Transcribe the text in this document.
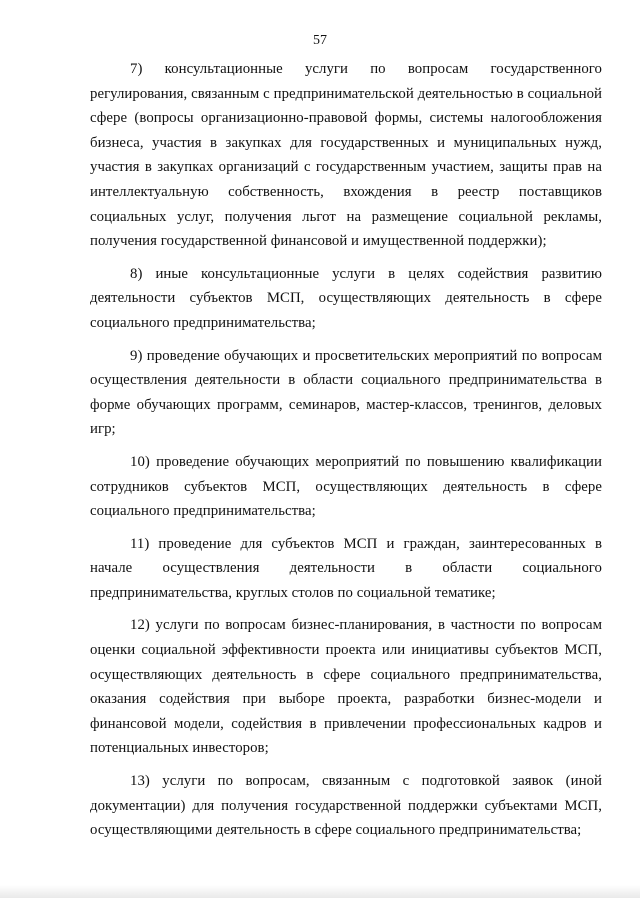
57

7) консультационные услуги по вопросам государственного регулирования, связанным с предпринимательской деятельностью в социальной сфере (вопросы организационно-правовой формы, системы налогообложения бизнеса, участия в закупках для государственных и муниципальных нужд, участия в закупках организаций с государственным участием, защиты прав на интеллектуальную собственность, вхождения в реестр поставщиков социальных услуг, получения льгот на размещение социальной рекламы, получения государственной финансовой и имущественной поддержки);

8) иные консультационные услуги в целях содействия развитию деятельности субъектов МСП, осуществляющих деятельность в сфере социального предпринимательства;

9) проведение обучающих и просветительских мероприятий по вопросам осуществления деятельности в области социального предпринимательства в форме обучающих программ, семинаров, мастер-классов, тренингов, деловых игр;

10) проведение обучающих мероприятий по повышению квалификации сотрудников субъектов МСП, осуществляющих деятельность в сфере социального предпринимательства;

11) проведение для субъектов МСП и граждан, заинтересованных в начале осуществления деятельности в области социального предпринимательства, круглых столов по социальной тематике;

12) услуги по вопросам бизнес-планирования, в частности по вопросам оценки социальной эффективности проекта или инициативы субъектов МСП, осуществляющих деятельность в сфере социального предпринимательства, оказания содействия при выборе проекта, разработки бизнес-модели и финансовой модели, содействия в привлечении профессиональных кадров и потенциальных инвесторов;

13) услуги по вопросам, связанным с подготовкой заявок (иной документации) для получения государственной поддержки субъектами МСП, осуществляющими деятельность в сфере социального предпринимательства;
